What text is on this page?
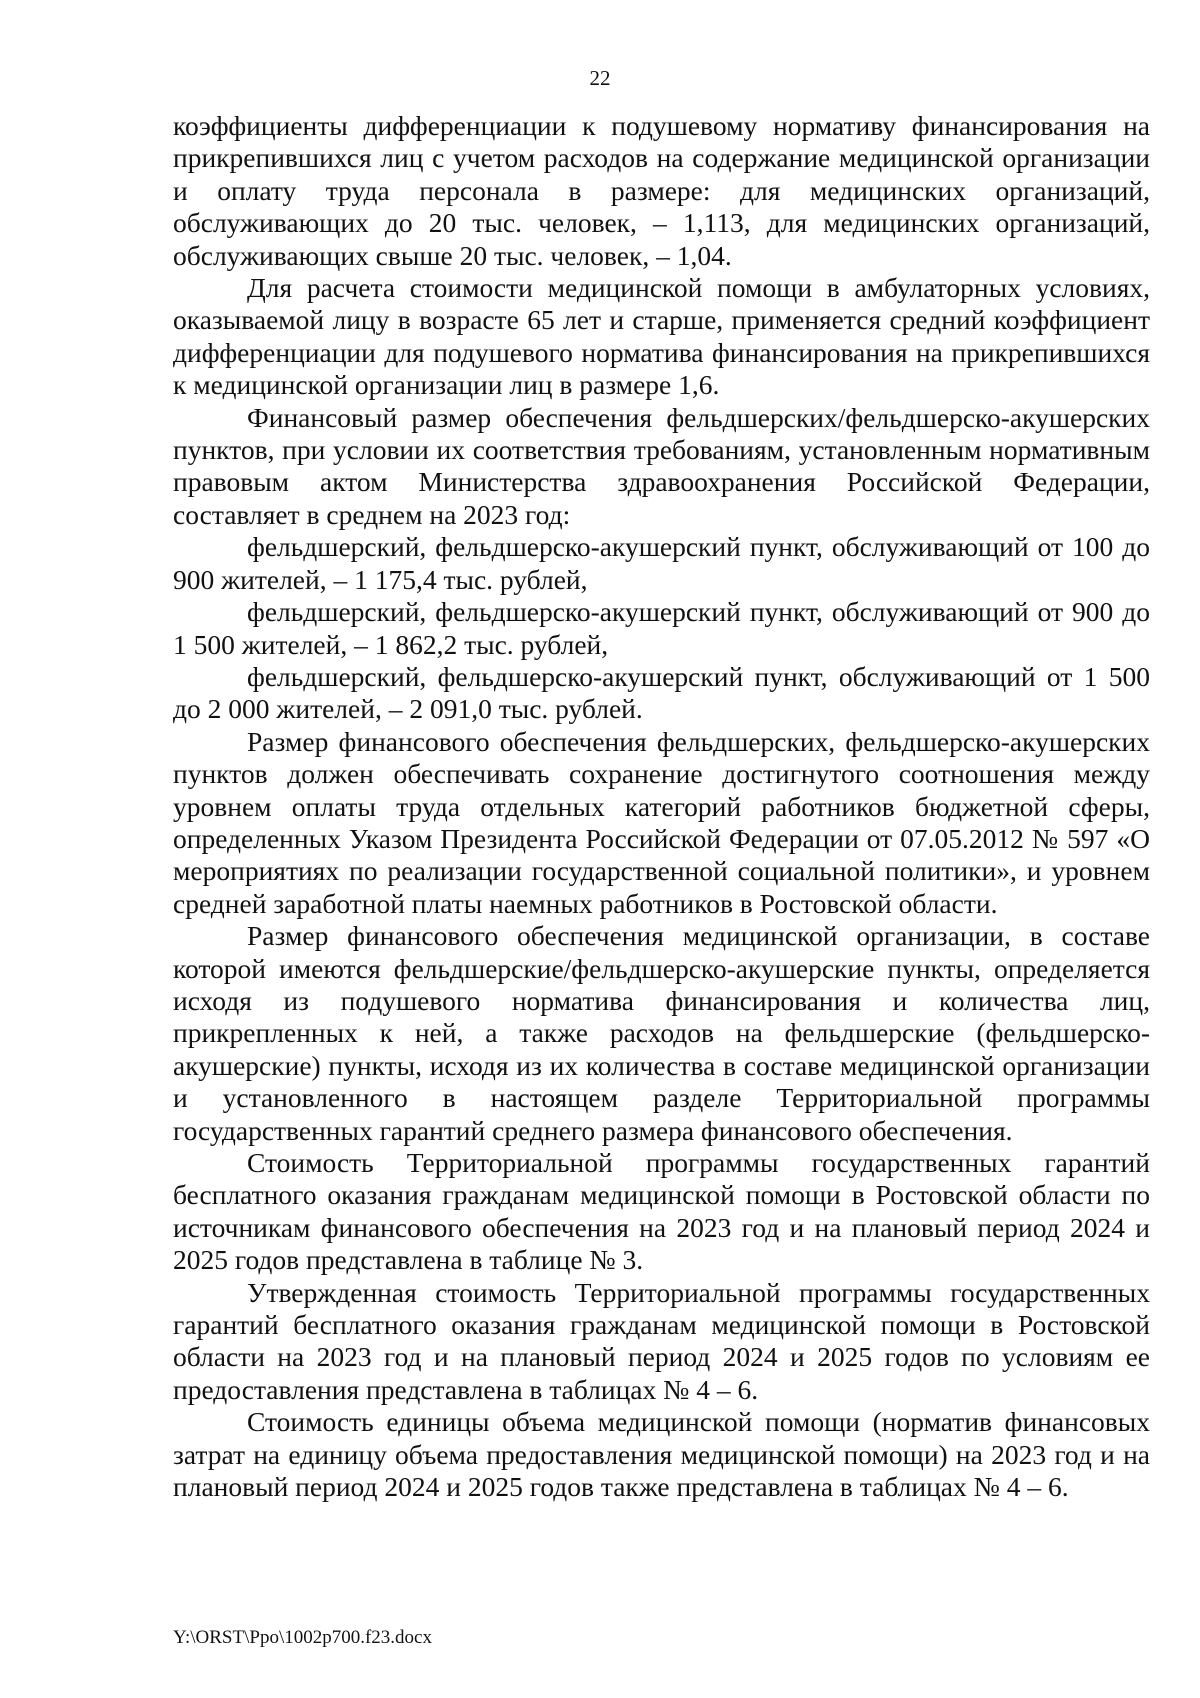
22

коэффициенты дифференциации к подушевому нормативу финансирования на прикрепившихся лиц с учетом расходов на содержание медицинской организации и оплату труда персонала в размере: для медицинских организаций, обслуживающих до 20 тыс. человек, – 1,113, для медицинских организаций, обслуживающих свыше 20 тыс. человек, – 1,04.

Для расчета стоимости медицинской помощи в амбулаторных условиях, оказываемой лицу в возрасте 65 лет и старше, применяется средний коэффициент дифференциации для подушевого норматива финансирования на прикрепившихся к медицинской организации лиц в размере 1,6.

Финансовый размер обеспечения фельдшерских/фельдшерско-акушерских пунктов, при условии их соответствия требованиям, установленным нормативным правовым актом Министерства здравоохранения Российской Федерации, составляет в среднем на 2023 год:

фельдшерский, фельдшерско-акушерский пункт, обслуживающий от 100 до 900 жителей, – 1 175,4 тыс. рублей,

фельдшерский, фельдшерско-акушерский пункт, обслуживающий от 900 до 1 500 жителей, – 1 862,2 тыс. рублей,

фельдшерский, фельдшерско-акушерский пункт, обслуживающий от 1 500 до 2 000 жителей, – 2 091,0 тыс. рублей.

Размер финансового обеспечения фельдшерских, фельдшерско-акушерских пунктов должен обеспечивать сохранение достигнутого соотношения между уровнем оплаты труда отдельных категорий работников бюджетной сферы, определенных Указом Президента Российской Федерации от 07.05.2012 № 597 «О мероприятиях по реализации государственной социальной политики», и уровнем средней заработной платы наемных работников в Ростовской области.

Размер финансового обеспечения медицинской организации, в составе которой имеются фельдшерские/фельдшерско-акушерские пункты, определяется исходя из подушевого норматива финансирования и количества лиц, прикрепленных к ней, а также расходов на фельдшерские (фельдшерско-акушерские) пункты, исходя из их количества в составе медицинской организации и установленного в настоящем разделе Территориальной программы государственных гарантий среднего размера финансового обеспечения.

Стоимость Территориальной программы государственных гарантий бесплатного оказания гражданам медицинской помощи в Ростовской области по источникам финансового обеспечения на 2023 год и на плановый период 2024 и 2025 годов представлена в таблице № 3.

Утвержденная стоимость Территориальной программы государственных гарантий бесплатного оказания гражданам медицинской помощи в Ростовской области на 2023 год и на плановый период 2024 и 2025 годов по условиям ее предоставления представлена в таблицах № 4 – 6.

Стоимость единицы объема медицинской помощи (норматив финансовых затрат на единицу объема предоставления медицинской помощи) на 2023 год и на плановый период 2024 и 2025 годов также представлена в таблицах № 4 – 6.

Y:\ORST\Ppo\1002p700.f23.docx
